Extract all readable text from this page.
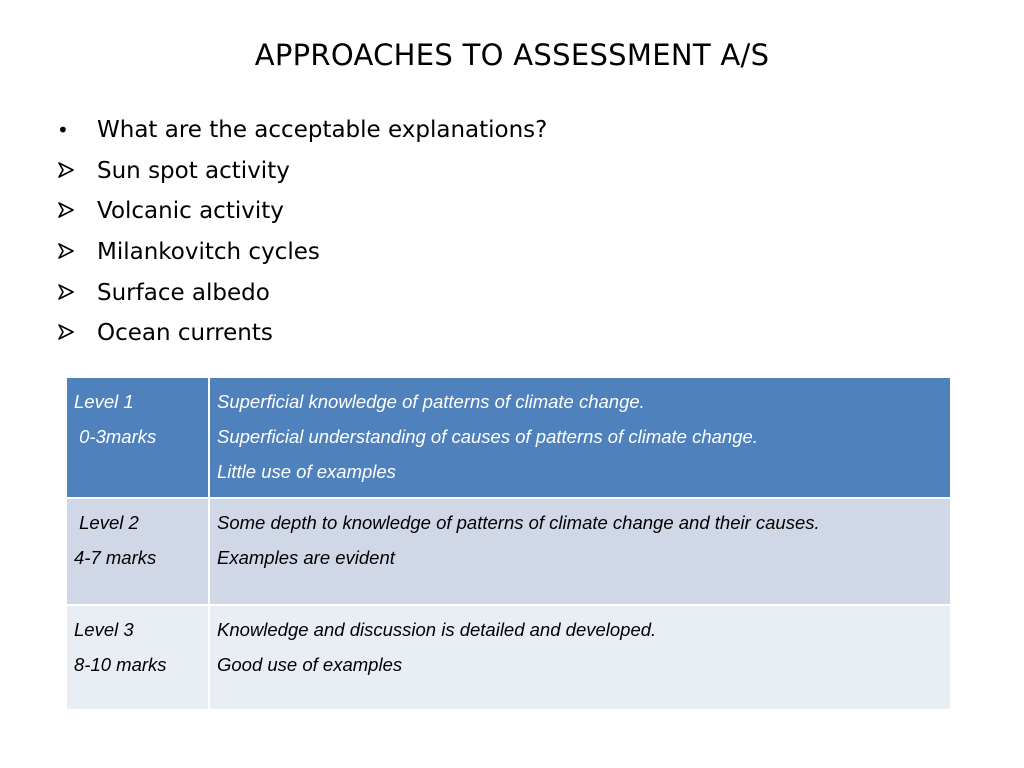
APPROACHES TO ASSESSMENT A/S
•	What are the acceptable explanations?
Sun spot activity
Volcanic activity
Milankovitch cycles
Surface albedo
Ocean currents
Level 1
0-3marks	Superficial knowledge of patterns of climate change.
Superficial understanding of causes of patterns of climate change.
Little use of examples

Level 2
4-7 marks	Some depth to knowledge of patterns of climate change and their causes.
Examples are evident

Level 3
8-10 marks	Knowledge and discussion is detailed and developed.
Good use of examples
